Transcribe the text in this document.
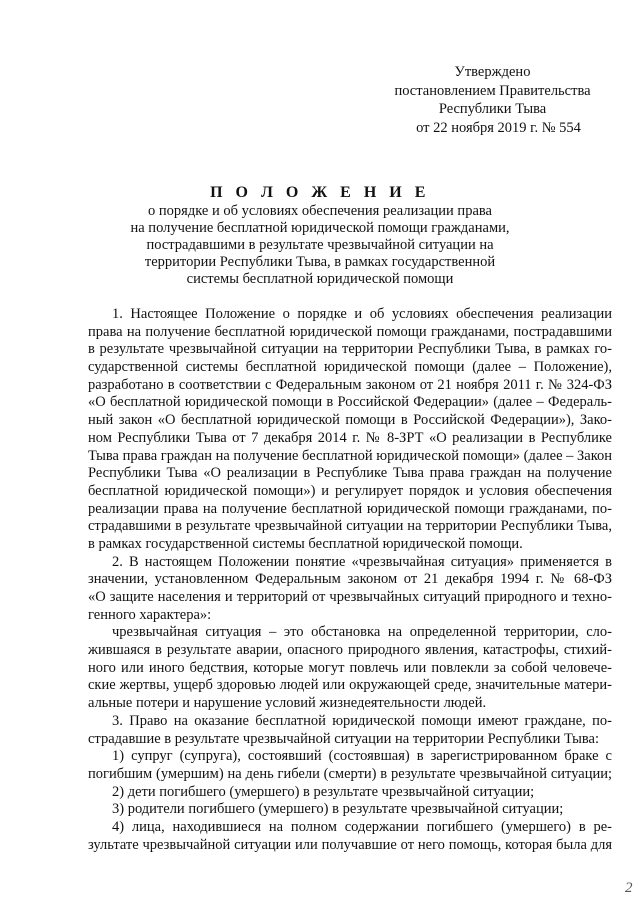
Утверждено
постановлением Правительства
Республики Тыва
от 22 ноября 2019 г. № 554
П О Л О Ж Е Н И Е
о порядке и об условиях обеспечения реализации права
на получение бесплатной юридической помощи гражданами,
пострадавшими в результате чрезвычайной ситуации на
территории Республики Тыва, в рамках государственной
системы бесплатной юридической помощи
1. Настоящее Положение о порядке и об условиях обеспечения реализации
права на получение бесплатной юридической помощи гражданами, пострадавшими
в результате чрезвычайной ситуации на территории Республики Тыва, в рамках го-
сударственной системы бесплатной юридической помощи (далее – Положение),
разработано в соответствии с Федеральным законом от 21 ноября 2011 г. № 324-ФЗ
«О бесплатной юридической помощи в Российской Федерации» (далее – Федераль-
ный закон «О бесплатной юридической помощи в Российской Федерации»), Зако-
ном Республики Тыва от 7 декабря 2014 г. № 8-ЗРТ «О реализации в Республике
Тыва права граждан на получение бесплатной юридической помощи» (далее – Закон
Республики Тыва «О реализации в Республике Тыва права граждан на получение
бесплатной юридической помощи») и регулирует порядок и условия обеспечения
реализации права на получение бесплатной юридической помощи гражданами, по-
страдавшими в результате чрезвычайной ситуации на территории Республики Тыва,
в рамках государственной системы бесплатной юридической помощи.
2. В настоящем Положении понятие «чрезвычайная ситуация» применяется в
значении, установленном Федеральным законом от 21 декабря 1994 г. № 68-ФЗ
«О защите населения и территорий от чрезвычайных ситуаций природного и техно-
генного характера»:
чрезвычайная ситуация – это обстановка на определенной территории, сло-
жившаяся в результате аварии, опасного природного явления, катастрофы, стихий-
ного или иного бедствия, которые могут повлечь или повлекли за собой человече-
ские жертвы, ущерб здоровью людей или окружающей среде, значительные матери-
альные потери и нарушение условий жизнедеятельности людей.
3. Право на оказание бесплатной юридической помощи имеют граждане, по-
страдавшие в результате чрезвычайной ситуации на территории Республики Тыва:
1) супруг (супруга), состоявший (состоявшая) в зарегистрированном браке с
погибшим (умершим) на день гибели (смерти) в результате чрезвычайной ситуации;
2) дети погибшего (умершего) в результате чрезвычайной ситуации;
3) родители погибшего (умершего) в результате чрезвычайной ситуации;
4) лица, находившиеся на полном содержании погибшего (умершего) в ре-
зультате чрезвычайной ситуации или получавшие от него помощь, которая была для
2
